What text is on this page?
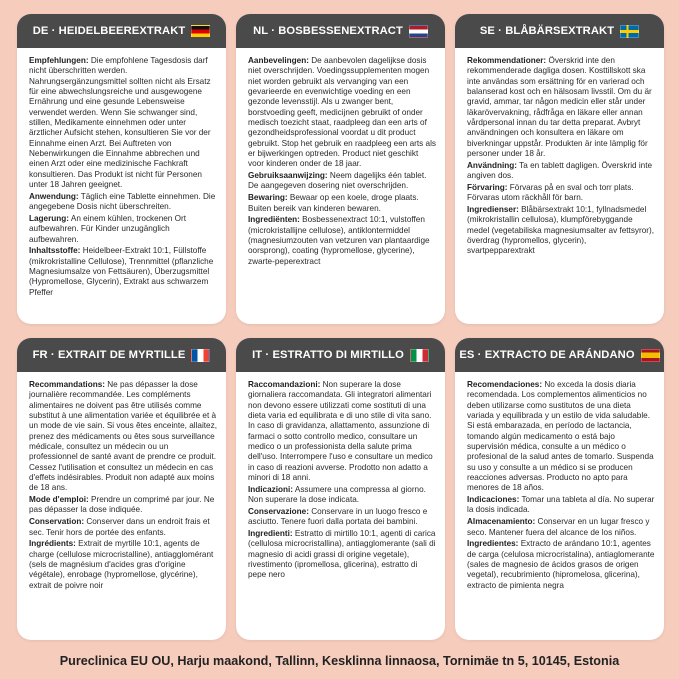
DE · HEIDELBEEREXTRAKT

Empfehlungen: Die empfohlene Tagesdosis darf nicht überschritten werden. Nahrungsergänzungsmittel sollten nicht als Ersatz für eine abwechslungsreiche und ausgewogene Ernährung und eine gesunde Lebensweise verwendet werden. Wenn Sie schwanger sind, stillen, Medikamente einnehmen oder unter ärztlicher Aufsicht stehen, konsultieren Sie vor der Einnahme einen Arzt. Bei Auftreten von Nebenwirkungen die Einnahme abbrechen und einen Arzt oder eine medizinische Fachkraft konsultieren. Das Produkt ist nicht für Personen unter 18 Jahren geeignet.

Anwendung: Täglich eine Tablette einnehmen. Die angegebene Dosis nicht überschreiten.

Lagerung: An einem kühlen, trockenen Ort aufbewahren. Für Kinder unzugänglich aufbewahren.

Inhaltsstoffe: Heidelbeer-Extrakt 10:1, Füllstoffe (mikrokristalline Cellulose), Trennmittel (pflanzliche Magnesiumsalze von Fettsäuren), Überzugsmittel (Hypromellose, Glycerin), Extrakt aus schwarzem Pfeffer

NL · BOSBESSENEXTRACT

Aanbevelingen: De aanbevolen dagelijkse dosis niet overschrijden. Voedingssupplementen mogen niet worden gebruikt als vervanging van een gevarieerde en evenwichtige voeding en een gezonde levensstijl. Als u zwanger bent, borstvoeding geeft, medicijnen gebruikt of onder medisch toezicht staat, raadpleeg dan een arts of gezondheidsprofessional voordat u dit product gebruikt. Stop het gebruik en raadpleeg een arts als er bijwerkingen optreden. Product niet geschikt voor kinderen onder de 18 jaar.

Gebruiksaanwijzing: Neem dagelijks één tablet. De aangegeven dosering niet overschrijden.

Bewaring: Bewaar op een koele, droge plaats. Buiten bereik van kinderen bewaren.

Ingrediënten: Bosbessenextract 10:1, vulstoffen (microkristallijne cellulose), antiklontermiddel (magnesiumzouten van vetzuren van plantaardige oorsprong), coating (hypromellose, glycerine), zwarte-peperextract

SE · BLÅBÄRSEXTRAKT

Rekommendationer: Överskrid inte den rekommenderade dagliga dosen. Kosttillskott ska inte användas som ersättning för en varierad och balanserad kost och en hälsosam livsstil. Om du är gravid, ammar, tar någon medicin eller står under läkarövervakning, rådfråga en läkare eller annan vårdpersonal innan du tar detta preparat. Avbryt användningen och konsultera en läkare om biverkningar uppstår. Produkten är inte lämplig för personer under 18 år.

Användning: Ta en tablett dagligen. Överskrid inte angiven dos.

Förvaring: Förvaras på en sval och torr plats. Förvaras utom räckhåll för barn.

Ingredienser: Blåbärsextrakt 10:1, fyllnadsmedel (mikrokristallin cellulosa), klumpförebyggande medel (vegetabiliska magnesiumsalter av fettsyror), överdrag (hypromellos, glycerin), svartpepparextrakt

FR · EXTRAIT DE MYRTILLE

Recommandations: Ne pas dépasser la dose journalière recommandée. Les compléments alimentaires ne doivent pas être utilisés comme substitut à une alimentation variée et équilibrée et à un mode de vie sain. Si vous êtes enceinte, allaitez, prenez des médicaments ou êtes sous surveillance médicale, consultez un médecin ou un professionnel de santé avant de prendre ce produit. Cessez l'utilisation et consultez un médecin en cas d'effets indésirables. Produit non adapté aux moins de 18 ans.

Mode d'emploi: Prendre un comprimé par jour. Ne pas dépasser la dose indiquée.

Conservation: Conserver dans un endroit frais et sec. Tenir hors de portée des enfants.

Ingrédients: Extrait de myrtille 10:1, agents de charge (cellulose microcristalline), antiagglomérant (sels de magnésium d'acides gras d'origine végétale), enrobage (hypromellose, glycérine), extrait de poivre noir

IT · ESTRATTO DI MIRTILLO

Raccomandazioni: Non superare la dose giornaliera raccomandata. Gli integratori alimentari non devono essere utilizzati come sostituti di una dieta varia ed equilibrata e di uno stile di vita sano. In caso di gravidanza, allattamento, assunzione di farmaci o sotto controllo medico, consultare un medico o un professionista della salute prima dell'uso. Interrompere l'uso e consultare un medico in caso di reazioni avverse. Prodotto non adatto a minori di 18 anni.

Indicazioni: Assumere una compressa al giorno. Non superare la dose indicata.

Conservazione: Conservare in un luogo fresco e asciutto. Tenere fuori dalla portata dei bambini.

Ingredienti: Estratto di mirtillo 10:1, agenti di carica (cellulosa microcristallina), antiagglomerante (sali di magnesio di acidi grassi di origine vegetale), rivestimento (ipromellosa, glicerina), estratto di pepe nero

ES · EXTRACTO DE ARÁNDANO

Recomendaciones: No exceda la dosis diaria recomendada. Los complementos alimenticios no deben utilizarse como sustitutos de una dieta variada y equilibrada y un estilo de vida saludable. Si está embarazada, en período de lactancia, tomando algún medicamento o está bajo supervisión médica, consulte a un médico o profesional de la salud antes de tomarlo. Suspenda su uso y consulte a un médico si se producen reacciones adversas. Producto no apto para menores de 18 años.

Indicaciones: Tomar una tableta al día. No superar la dosis indicada.

Almacenamiento: Conservar en un lugar fresco y seco. Mantener fuera del alcance de los niños.

Ingredientes: Extracto de arándano 10:1, agentes de carga (celulosa microcristalina), antiaglomerante (sales de magnesio de ácidos grasos de origen vegetal), recubrimiento (hipromelosa, glicerina), extracto de pimienta negra

Pureclinica EU OU, Harju maakond, Tallinn, Kesklinna linnaosa, Tornimäe tn 5, 10145, Estonia
